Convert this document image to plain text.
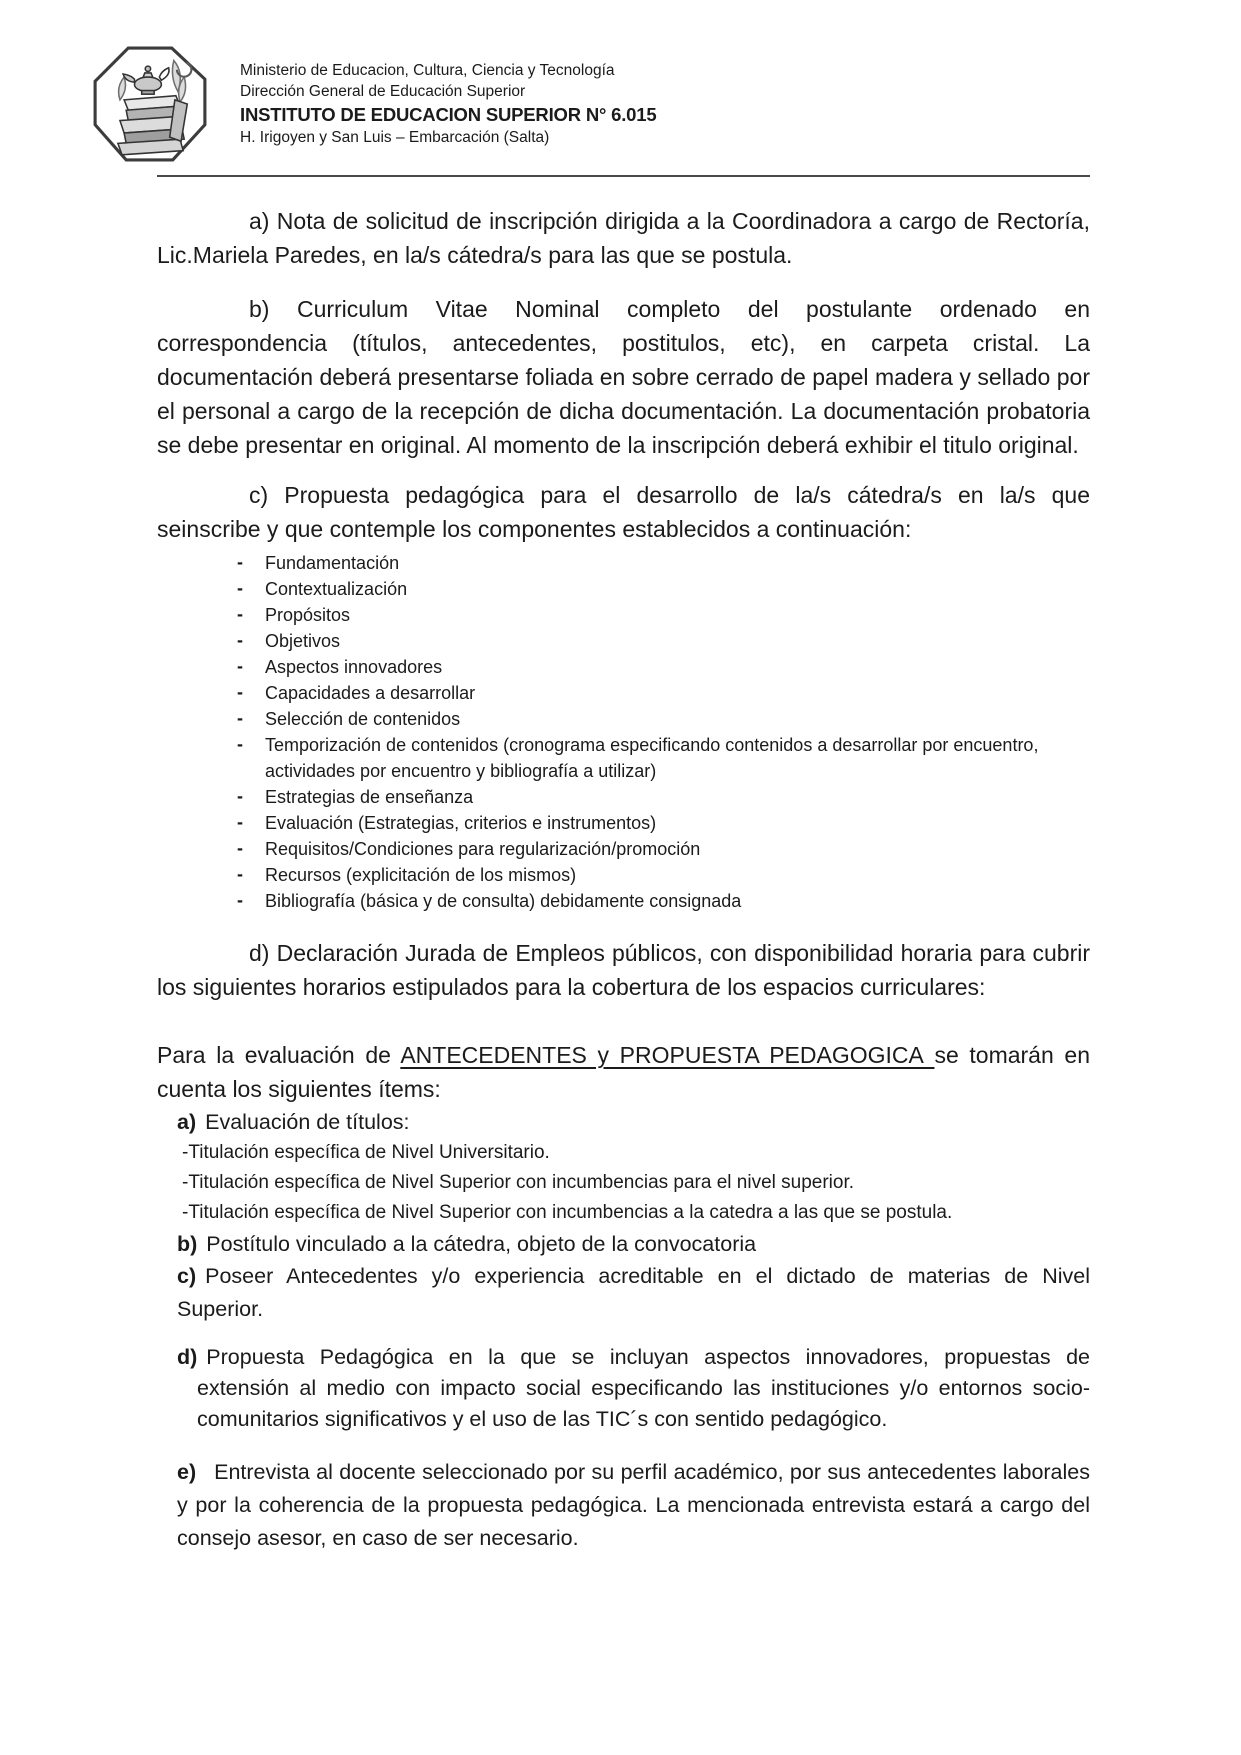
Ministerio de Educacion, Cultura, Ciencia y Tecnología
Dirección General de Educación Superior
INSTITUTO DE EDUCACION SUPERIOR N° 6.015
H. Irigoyen y San Luis – Embarcación (Salta)

a) Nota de solicitud de inscripción dirigida a la Coordinadora a cargo de Rectoría, Lic.Mariela Paredes, en la/s cátedra/s para las que se postula.

b) Curriculum Vitae Nominal completo del postulante ordenado en correspondencia (títulos, antecedentes, postitulos, etc), en carpeta cristal. La documentación deberá presentarse foliada en sobre cerrado de papel madera y sellado por el personal a cargo de la recepción de dicha documentación. La documentación probatoria se debe presentar en original. Al momento de la inscripción deberá exhibir el titulo original.

c) Propuesta pedagógica para el desarrollo de la/s cátedra/s en la/s que seinscribe y que contemple los componentes establecidos a continuación:

- Fundamentación
- Contextualización
- Propósitos
- Objetivos
- Aspectos innovadores
- Capacidades a desarrollar
- Selección de contenidos
- Temporización de contenidos (cronograma especificando contenidos a desarrollar por encuentro, actividades por encuentro y bibliografía a utilizar)
- Estrategias de enseñanza
- Evaluación (Estrategias, criterios e instrumentos)
- Requisitos/Condiciones para regularización/promoción
- Recursos (explicitación de los mismos)
- Bibliografía (básica y de consulta) debidamente consignada

d) Declaración Jurada de Empleos públicos, con disponibilidad horaria para cubrir los siguientes horarios estipulados para la cobertura de los espacios curriculares:

Para la evaluación de ANTECEDENTES y PROPUESTA PEDAGOGICA se tomarán en cuenta los siguientes ítems:

a) Evaluación de títulos:
-Titulación específica de Nivel Universitario.
-Titulación específica de Nivel Superior con incumbencias para el nivel superior.
-Titulación específica de Nivel Superior con incumbencias a la catedra a las que se postula.
b) Postítulo vinculado a la cátedra, objeto de la convocatoria
c) Poseer Antecedentes y/o experiencia acreditable en el dictado de materias de Nivel Superior.
d) Propuesta Pedagógica en la que se incluyan aspectos innovadores, propuestas de extensión al medio con impacto social especificando las instituciones y/o entornos socio-comunitarios significativos y el uso de las TIC´s con sentido pedagógico.
e) Entrevista al docente seleccionado por su perfil académico, por sus antecedentes laborales y por la coherencia de la propuesta pedagógica. La mencionada entrevista estará a cargo del consejo asesor, en caso de ser necesario.
